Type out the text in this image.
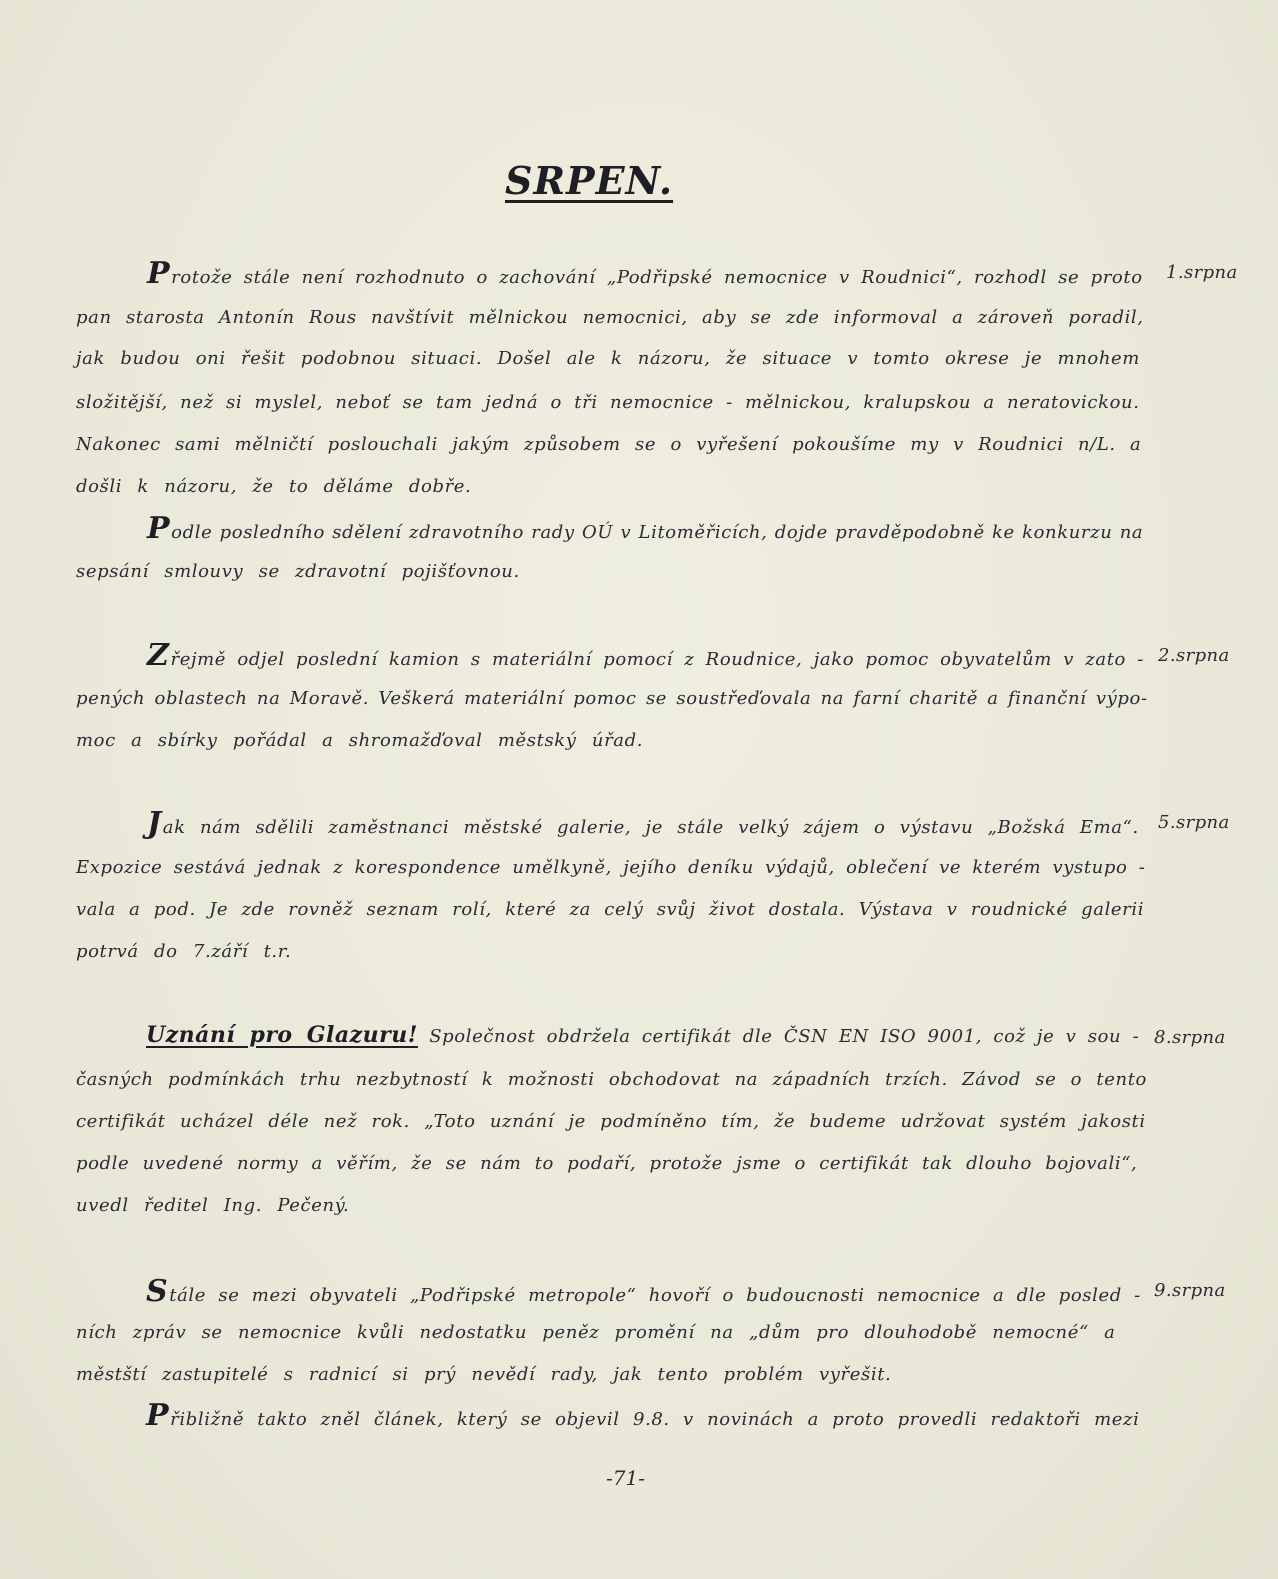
SRPEN.
1.srpna
Protože stále není rozhodnuto o zachování „Podřipské nemocnice v Roudnici“, rozhodl se proto
pan starosta Antonín Rous navštívit mělnickou nemocnici, aby se zde informoval a zároveň poradil,
jak budou oni řešit podobnou situaci. Došel ale k názoru, že situace v tomto okrese je mnohem
složitější, než si myslel, neboť se tam jedná o tři nemocnice - mělnickou, kralupskou a neratovickou.
Nakonec sami mělničtí poslouchali jakým způsobem se o vyřešení pokoušíme my v Roudnici n/L. a
došli k názoru, že to děláme dobře.
Podle posledního sdělení zdravotního rady OÚ v Litoměřicích, dojde pravděpodobně ke konkurzu na
sepsání smlouvy se zdravotní pojišťovnou.
2.srpna
Zřejmě odjel poslední kamion s materiální pomocí z Roudnice, jako pomoc obyvatelům v zato -
pených oblastech na Moravě. Veškerá materiální pomoc se soustřeďovala na farní charitě a finanční výpo-
moc a sbírky pořádal a shromažďoval městský úřad.
5.srpna
Jak nám sdělili zaměstnanci městské galerie, je stále velký zájem o výstavu „Božská Ema“.
Expozice sestává jednak z korespondence umělkyně, jejího deníku výdajů, oblečení ve kterém vystupo -
vala a pod. Je zde rovněž seznam rolí, které za celý svůj život dostala. Výstava v roudnické galerii
potrvá do 7.září t.r.
8.srpna
Uznání pro Glazuru! Společnost obdržela certifikát dle ČSN EN ISO 9001, což je v sou -
časných podmínkách trhu nezbytností k možnosti obchodovat na západních trzích. Závod se o tento
certifikát ucházel déle než rok. „Toto uznání je podmíněno tím, že budeme udržovat systém jakosti
podle uvedené normy a věřím, že se nám to podaří, protože jsme o certifikát tak dlouho bojovali“,
uvedl ředitel Ing. Pečený.
9.srpna
Stále se mezi obyvateli „Podřipské metropole“ hovoří o budoucnosti nemocnice a dle posled -
ních zpráv se nemocnice kvůli nedostatku peněz promění na „dům pro dlouhodobě nemocné“ a
městští zastupitelé s radnicí si prý nevědí rady, jak tento problém vyřešit.
Přibližně takto zněl článek, který se objevil 9.8. v novinách a proto provedli redaktoři mezi
-71-
